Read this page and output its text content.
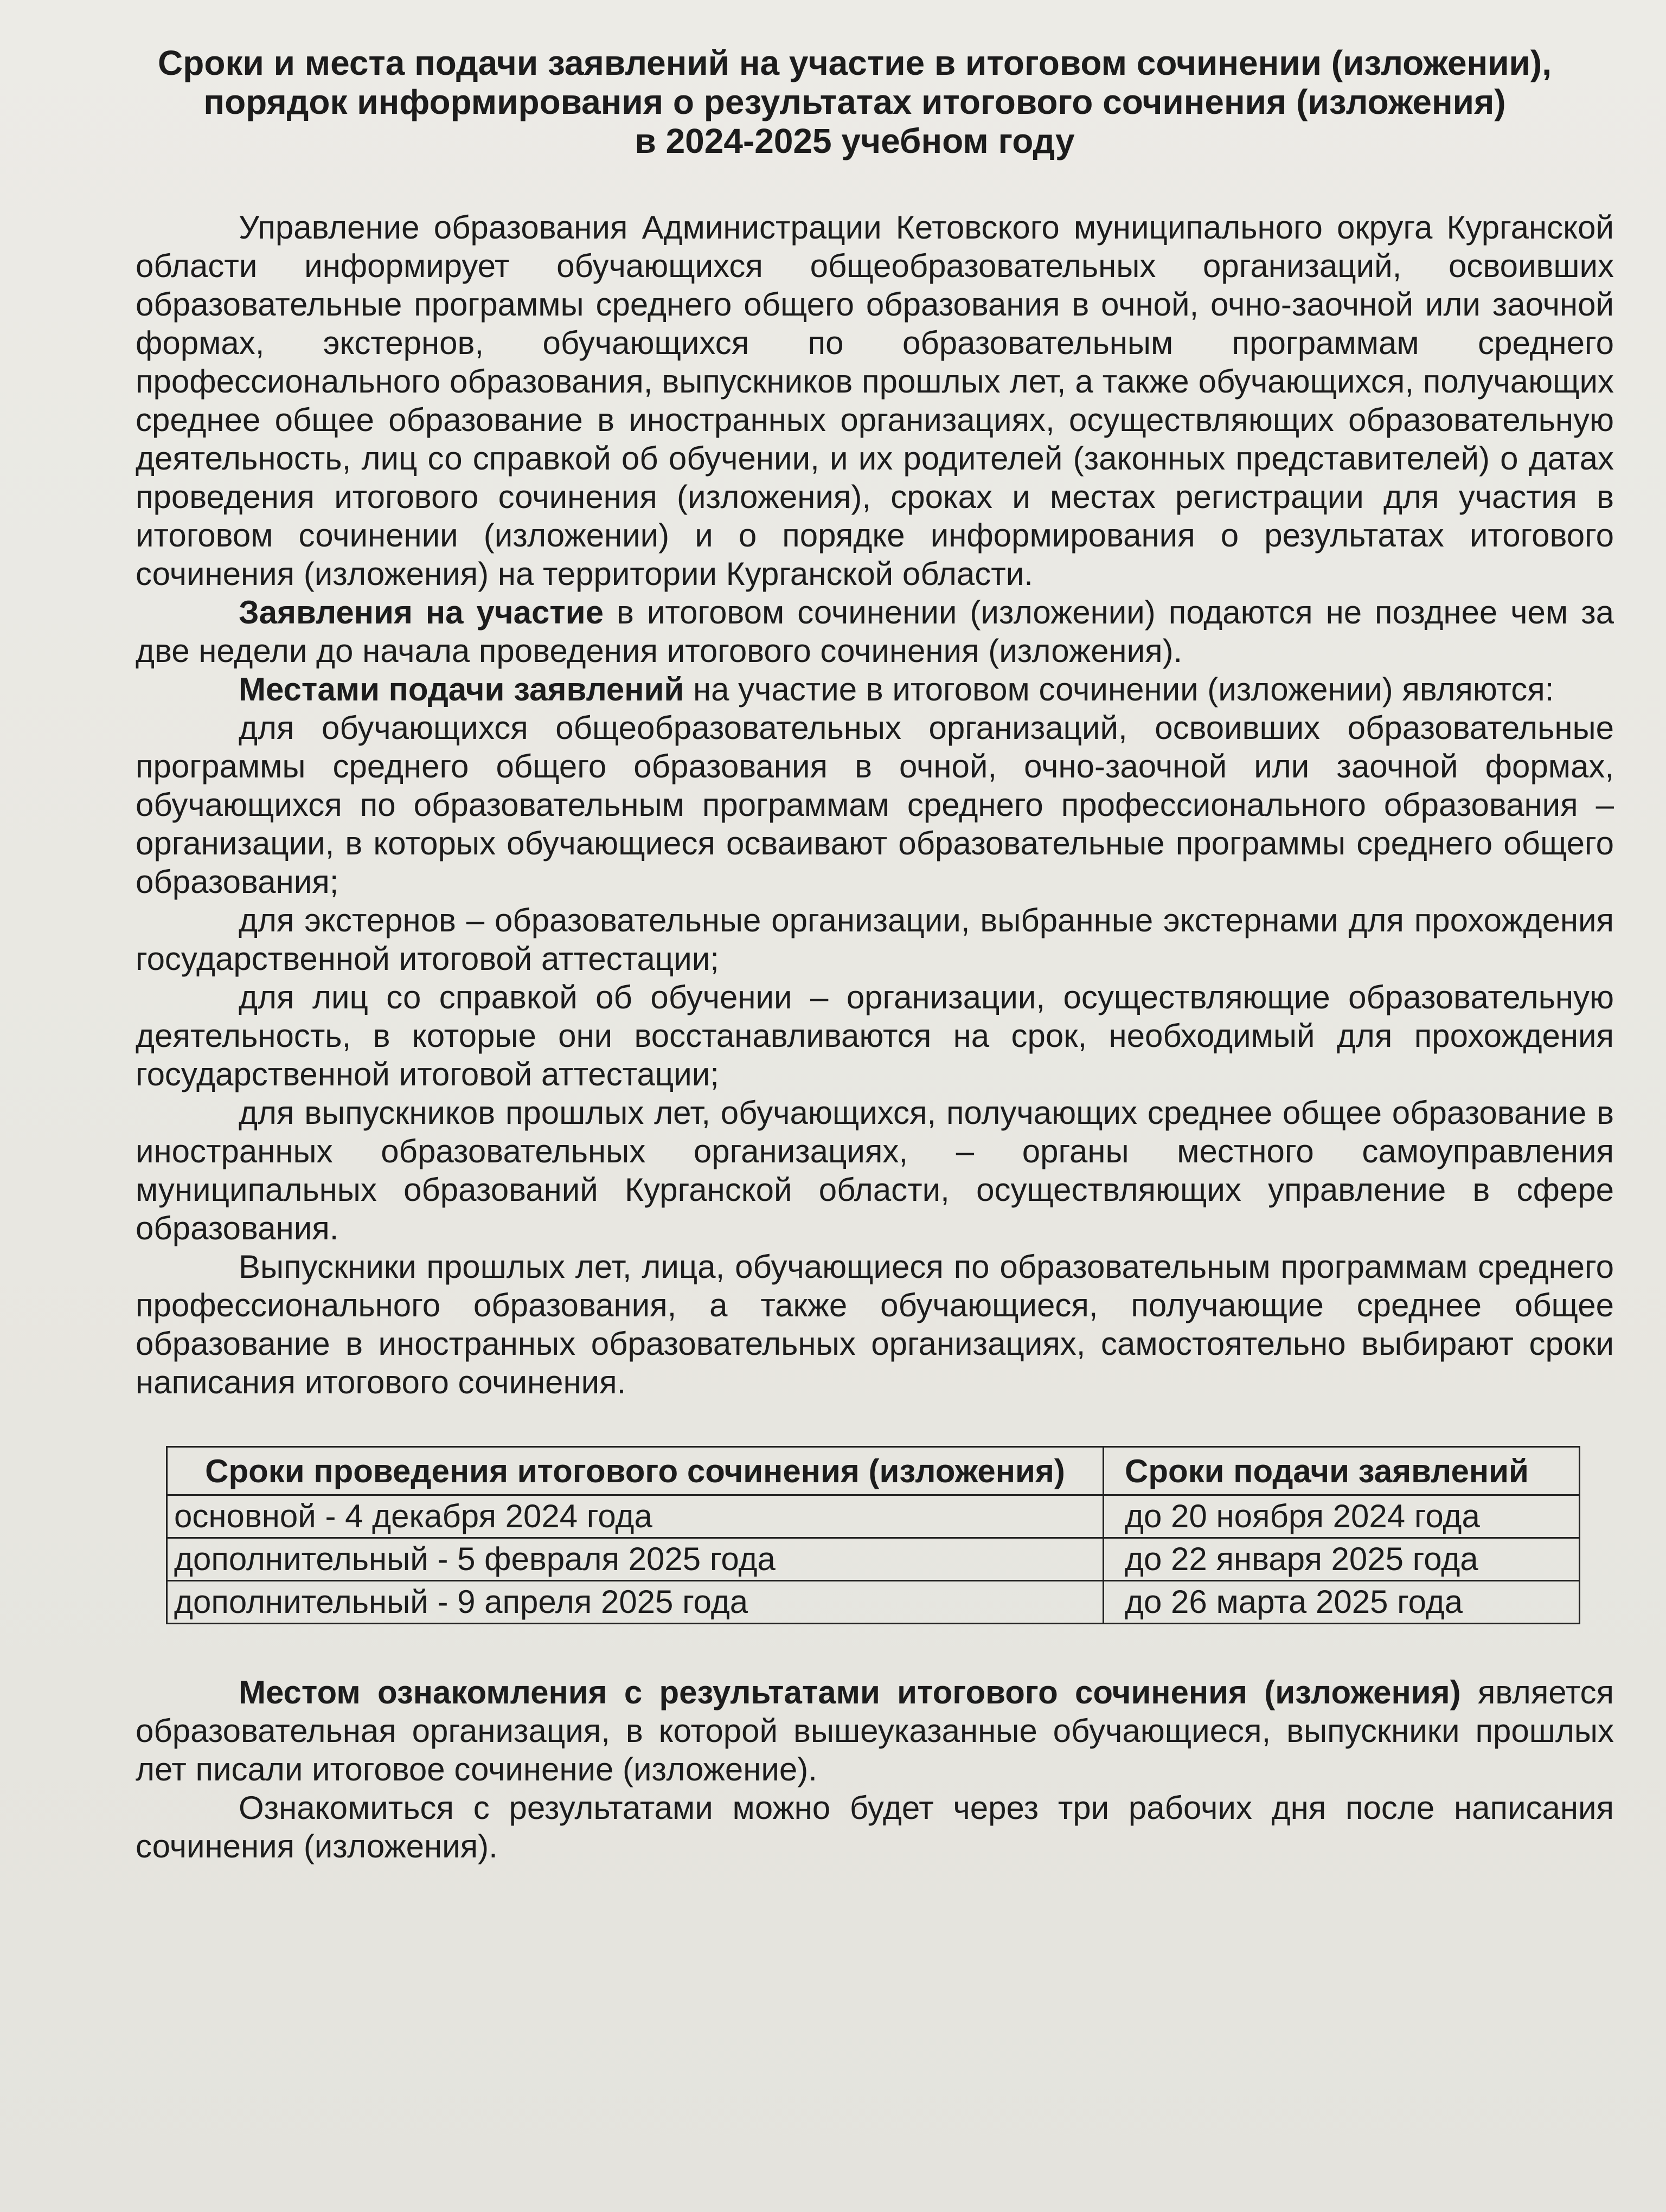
Сроки и места подачи заявлений на участие в итоговом сочинении (изложении),
порядок информирования о результатах итогового сочинения (изложения)
в 2024-2025 учебном году

Управление образования Администрации Кетовского муниципального округа Курганской области информирует обучающихся общеобразовательных организаций, освоивших образовательные программы среднего общего образования в очной, очно-заочной или заочной формах, экстернов, обучающихся по образовательным программам среднего профессионального образования, выпускников прошлых лет, а также обучающихся, получающих среднее общее образование в иностранных организациях, осуществляющих образовательную деятельность, лиц со справкой об обучении, и их родителей (законных представителей) о датах проведения итогового сочинения (изложения), сроках и местах регистрации для участия в итоговом сочинении (изложении) и о порядке информирования о результатах итогового сочинения (изложения) на территории Курганской области.

Заявления на участие в итоговом сочинении (изложении) подаются не позднее чем за две недели до начала проведения итогового сочинения (изложения).

Местами подачи заявлений на участие в итоговом сочинении (изложении) являются:

для обучающихся общеобразовательных организаций, освоивших образовательные программы среднего общего образования в очной, очно-заочной или заочной формах, обучающихся по образовательным программам среднего профессионального образования – организации, в которых обучающиеся осваивают образовательные программы среднего общего образования;

для экстернов – образовательные организации, выбранные экстернами для прохождения государственной итоговой аттестации;

для лиц со справкой об обучении – организации, осуществляющие образовательную деятельность, в которые они восстанавливаются на срок, необходимый для прохождения государственной итоговой аттестации;

для выпускников прошлых лет, обучающихся, получающих среднее общее образование в иностранных образовательных организациях, – органы местного самоуправления муниципальных образований Курганской области, осуществляющих управление в сфере образования.

Выпускники прошлых лет, лица, обучающиеся по образовательным программам среднего профессионального образования, а также обучающиеся, получающие среднее общее образование в иностранных образовательных организациях, самостоятельно выбирают сроки написания итогового сочинения.

Сроки проведения итогового сочинения (изложения)	Сроки подачи заявлений
основной - 4 декабря 2024 года	до 20 ноября 2024 года
дополнительный - 5 февраля 2025 года	до 22 января 2025 года
дополнительный - 9 апреля 2025 года	до 26 марта 2025 года

Местом ознакомления с результатами итогового сочинения (изложения) является образовательная организация, в которой вышеуказанные обучающиеся, выпускники прошлых лет писали итоговое сочинение (изложение).

Ознакомиться с результатами можно будет через три рабочих дня после написания сочинения (изложения).
